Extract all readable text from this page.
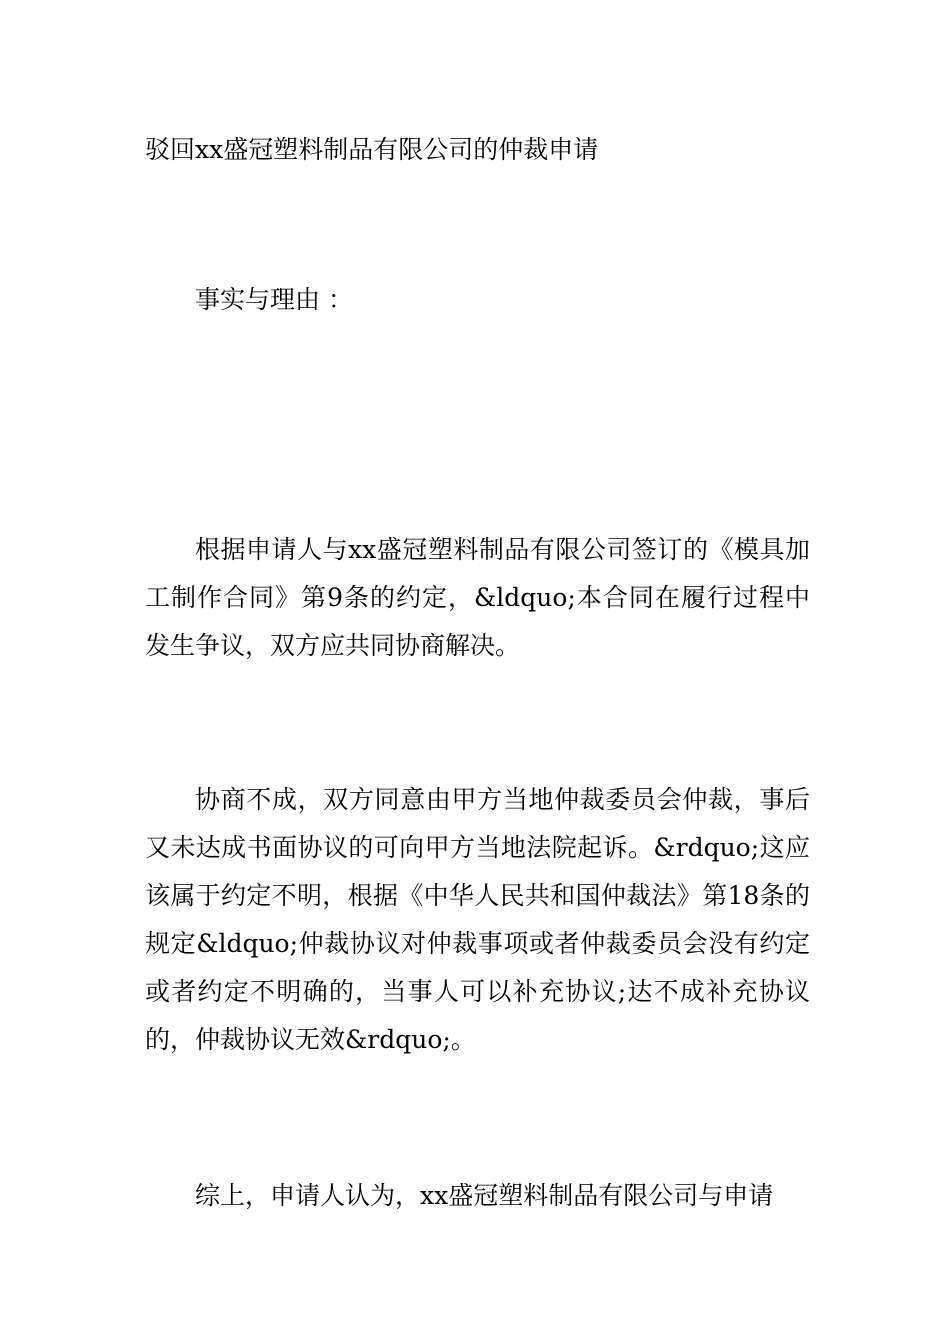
驳回xx盛冠塑料制品有限公司的仲裁申请

事实与理由 ：

根据申请人与xx盛冠塑料制品有限公司签订的《模具加工制作合同》第9条的约定，&ldquo;本合同在履行过程中发生争议，双方应共同协商解决。

协商不成，双方同意由甲方当地仲裁委员会仲裁，事后又未达成书面协议的可向甲方当地法院起诉。&rdquo;这应该属于约定不明，根据《中华人民共和国仲裁法》第18条的规定&ldquo;仲裁协议对仲裁事项或者仲裁委员会没有约定或者约定不明确的，当事人可以补充协议;达不成补充协议的，仲裁协议无效&rdquo;。

综上，申请人认为，xx盛冠塑料制品有限公司与申请
